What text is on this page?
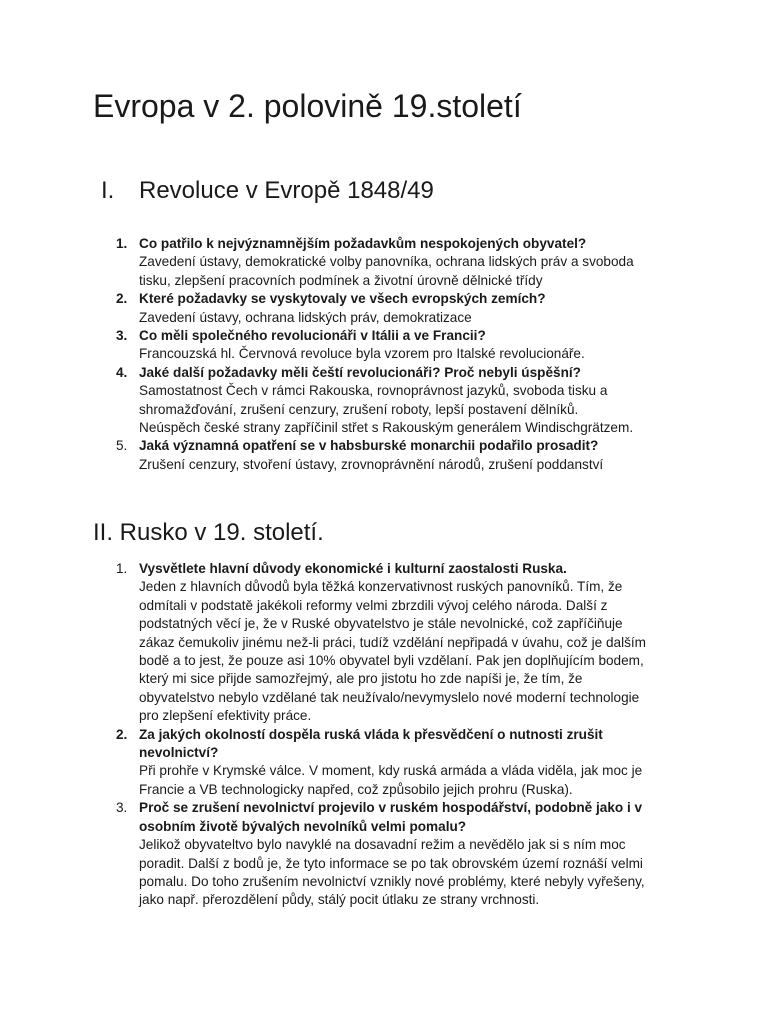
Evropa v 2. polovině 19.století
I. Revoluce v Evropě 1848/49
1. Co patřilo k nejvýznamnějším požadavkům nespokojených obyvatel?
Zavedení ústavy, demokratické volby panovníka, ochrana lidských práv a svoboda
tisku, zlepšení pracovních podmínek a životní úrovně dělnické třídy
2. Které požadavky se vyskytovaly ve všech evropských zemích?
Zavedení ústavy, ochrana lidských práv, demokratizace
3. Co měli společného revolucionáři v Itálii a ve Francii?
Francouzská hl. Červnová revoluce byla vzorem pro Italské revolucionáře.
4. Jaké další požadavky měli čeští revolucionáři? Proč nebyli úspěšní?
Samostatnost Čech v rámci Rakouska, rovnoprávnost jazyků, svoboda tisku a
shromažďování, zrušení cenzury, zrušení roboty, lepší postavení dělníků.
Neúspěch české strany zapříčinil střet s Rakouským generálem Windischgrätzem.
5. Jaká významná opatření se v habsburské monarchii podařilo prosadit?
Zrušení cenzury, stvoření ústavy, zrovnoprávnění národů, zrušení poddanství
II. Rusko v 19. století.
1. Vysvětlete hlavní důvody ekonomické i kulturní zaostalosti Ruska.
Jeden z hlavních důvodů byla těžká konzervativnost ruských panovníků. Tím, že
odmítali v podstatě jakékoli reformy velmi zbrzdili vývoj celého národa. Další z
podstatných věcí je, že v Ruské obyvatelstvo je stále nevolnické, což zapříčiňuje
zákaz čemukoliv jinému než-li práci, tudíž vzdělání nepřipadá v úvahu, což je dalším
bodě a to jest, že pouze asi 10% obyvatel byli vzdělaní. Pak jen doplňujícím bodem,
který mi sice přijde samozřejmý, ale pro jistotu ho zde napíši je, že tím, že
obyvatelstvo nebylo vzdělané tak neužívalo/nevymyslelo nové moderní technologie
pro zlepšení efektivity práce.
2. Za jakých okolností dospěla ruská vláda k přesvědčení o nutnosti zrušit
nevolnictví?
Při prohře v Krymské válce. V moment, kdy ruská armáda a vláda viděla, jak moc je
Francie a VB technologicky napřed, což způsobilo jejich prohru (Ruska).
3. Proč se zrušení nevolnictví projevilo v ruském hospodářství, podobně jako i v
osobním životě bývalých nevolníků velmi pomalu?
Jelikož obyvateltvo bylo navyklé na dosavadní režim a nevědělo jak si s ním moc
poradit. Další z bodů je, že tyto informace se po tak obrovském území roznáší velmi
pomalu. Do toho zrušením nevolnictví vznikly nové problémy, které nebyly vyřešeny,
jako např. přerozdělení půdy, stálý pocit útlaku ze strany vrchnosti.
